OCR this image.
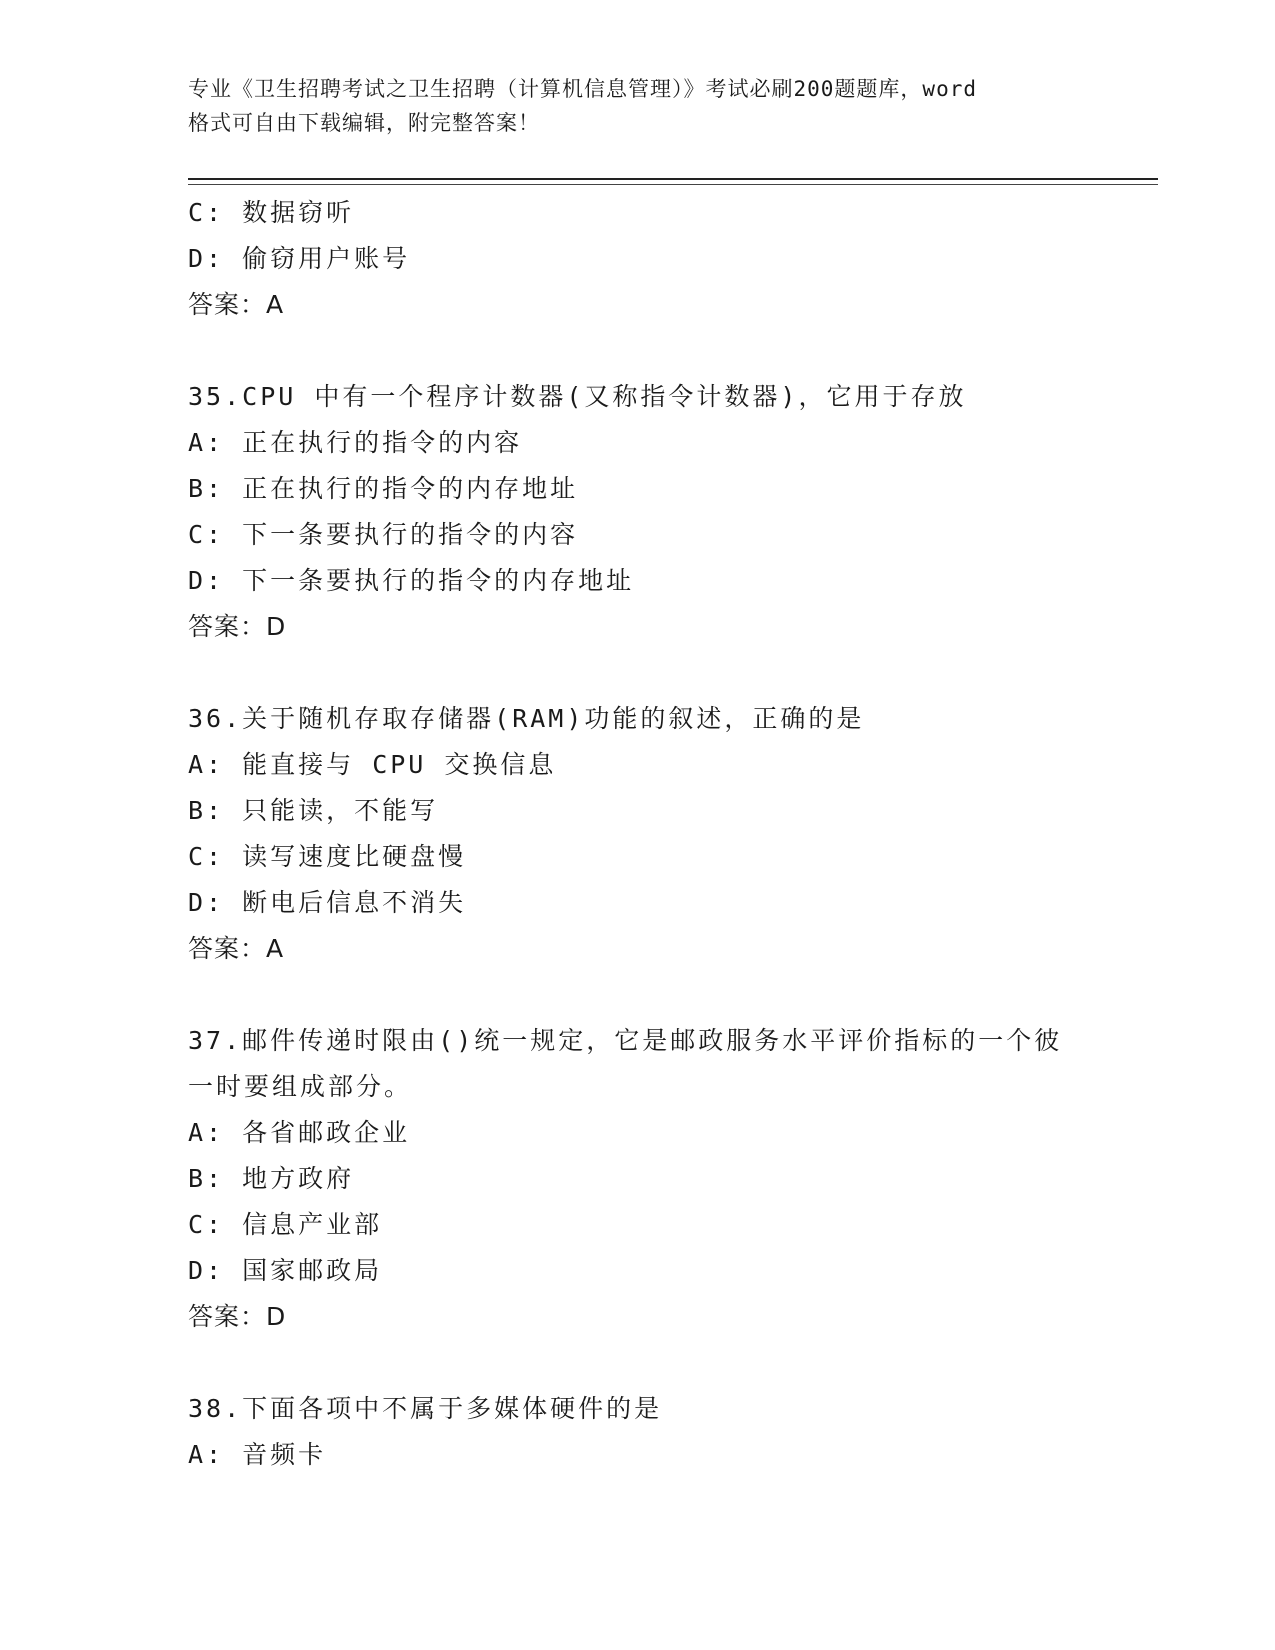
专业《卫生招聘考试之卫生招聘（计算机信息管理）》考试必刷200题题库，word
格式可自由下载编辑，附完整答案！
C: 数据窃听
D: 偷窃用户账号
答案：A
35.CPU 中有一个程序计数器(又称指令计数器)，它用于存放
A: 正在执行的指令的内容
B: 正在执行的指令的内存地址
C: 下一条要执行的指令的内容
D: 下一条要执行的指令的内存地址
答案：D
36.关于随机存取存储器(RAM)功能的叙述，正确的是
A: 能直接与 CPU 交换信息
B: 只能读，不能写
C: 读写速度比硬盘慢
D: 断电后信息不消失
答案：A
37.邮件传递时限由()统一规定，它是邮政服务水平评价指标的一个彼
一时要组成部分。
A: 各省邮政企业
B: 地方政府
C: 信息产业部
D: 国家邮政局
答案：D
38.下面各项中不属于多媒体硬件的是
A: 音频卡
